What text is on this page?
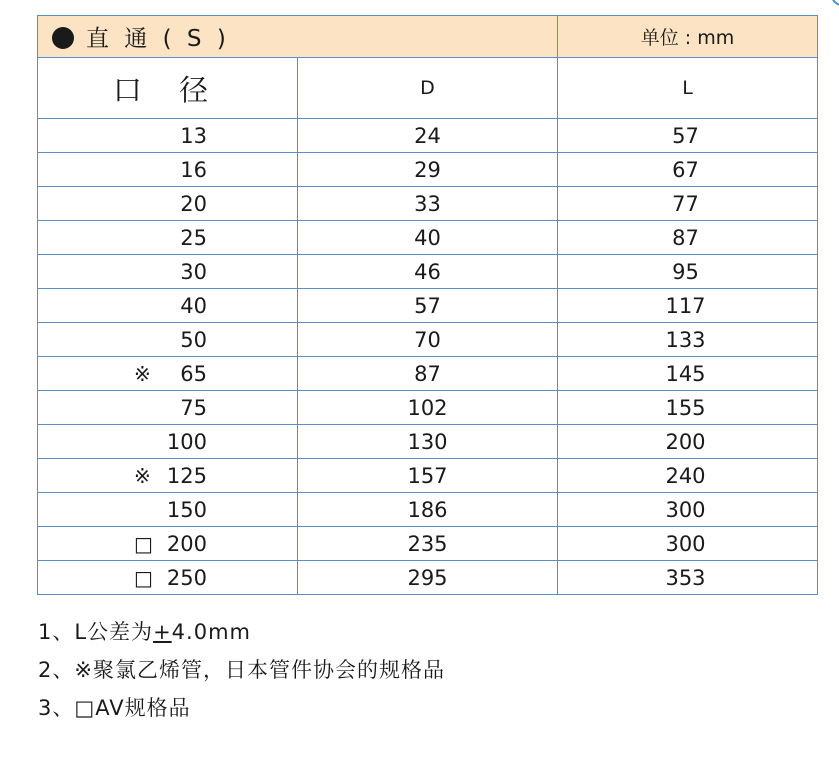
直 通 ( S )		单位 : mm
口 径	D	L

13	24	57

16	29	67

20	33	77

25	40	87

30	46	95

40	57	117

50	70	133

※ 65	87	145

75	102	155

100	130	200

※ 125	157	240

150	186	300

□ 200	235	300

□ 250	295	353
1、L公差为+4.0mm
2、※聚氯乙烯管，日本管件协会的规格品
3、□AV规格品
